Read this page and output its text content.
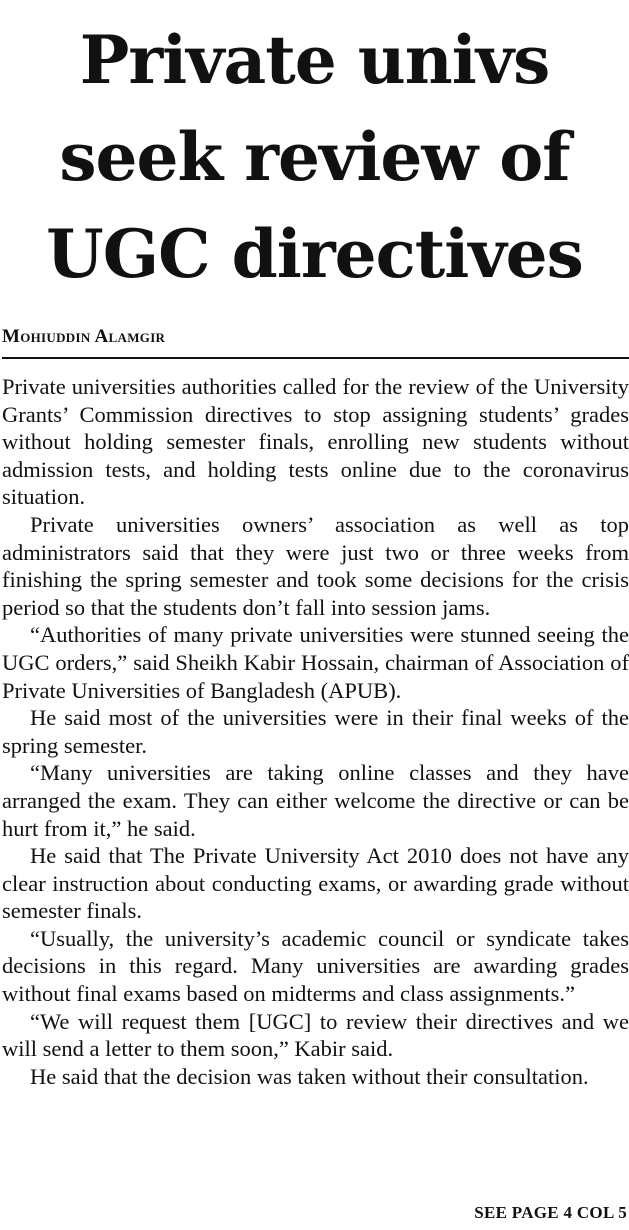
Private univs
seek review of
UGC directives
Mohiuddin Alamgir

Private universities authorities called for the review of the University Grants’ Commission directives to stop assigning students’ grades without holding semester finals, enrolling new students without admission tests, and holding tests online due to the coronavirus situation.

Private universities owners’ association as well as top administrators said that they were just two or three weeks from finishing the spring semester and took some decisions for the crisis period so that the students don’t fall into session jams.

“Authorities of many private universities were stunned seeing the UGC orders,” said Sheikh Kabir Hossain, chairman of Association of Private Universities of Bangladesh (APUB).

He said most of the universities were in their final weeks of the spring semester.

“Many universities are taking online classes and they have arranged the exam. They can either welcome the directive or can be hurt from it,” he said.

He said that The Private University Act 2010 does not have any clear instruction about conducting exams, or awarding grade without semester finals.

“Usually, the university’s academic council or syndicate takes decisions in this regard. Many universities are awarding grades without final exams based on midterms and class assignments.”

“We will request them [UGC] to review their directives and we will send a letter to them soon,” Kabir said.

He said that the decision was taken without their consultation.

SEE PAGE 4 COL 5
